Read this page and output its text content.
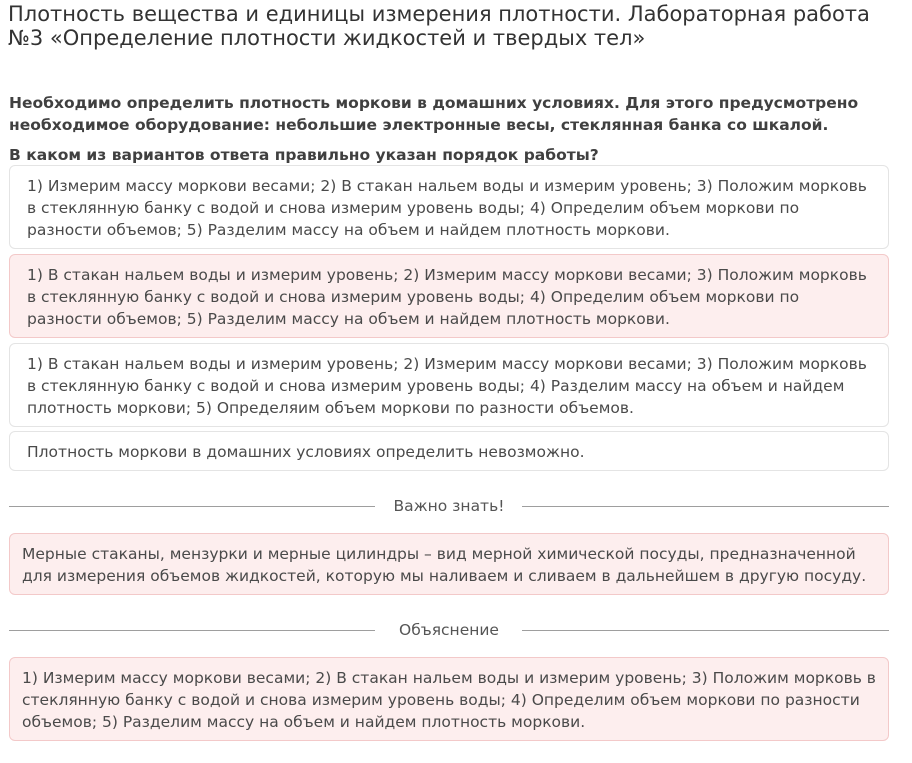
Плотность вещества и единицы измерения плотности. Лабораторная работа №3 «Определение плотности жидкостей и твердых тел»

Необходимо определить плотность моркови в домашних условиях. Для этого предусмотрено необходимое оборудование: небольшие электронные весы, стеклянная банка со шкалой.

В каком из вариантов ответа правильно указан порядок работы?

1) Измерим массу моркови весами; 2) В стакан нальем воды и измерим уровень; 3) Положим морковь в стеклянную банку с водой и снова измерим уровень воды; 4) Определим объем моркови по разности объемов; 5) Разделим массу на объем и найдем плотность моркови.
1) В стакан нальем воды и измерим уровень; 2) Измерим массу моркови весами; 3) Положим морковь в стеклянную банку с водой и снова измерим уровень воды; 4) Определим объем моркови по разности объемов; 5) Разделим массу на объем и найдем плотность моркови.
1) В стакан нальем воды и измерим уровень; 2) Измерим массу моркови весами; 3) Положим морковь в стеклянную банку с водой и снова измерим уровень воды; 4) Разделим массу на объем и найдем плотность моркови; 5) Определяим объем моркови по разности объемов.
Плотность моркови в домашних условиях определить невозможно.
Важно знать!
Мерные стаканы, мензурки и мерные цилиндры – вид мерной химической посуды, предназначенной для измерения объемов жидкостей, которую мы наливаем и сливаем в дальнейшем в другую посуду.
Объяснение
1) Измерим массу моркови весами; 2) В стакан нальем воды и измерим уровень; 3) Положим морковь в стеклянную банку с водой и снова измерим уровень воды; 4) Определим объем моркови по разности объемов; 5) Разделим массу на объем и найдем плотность моркови.
